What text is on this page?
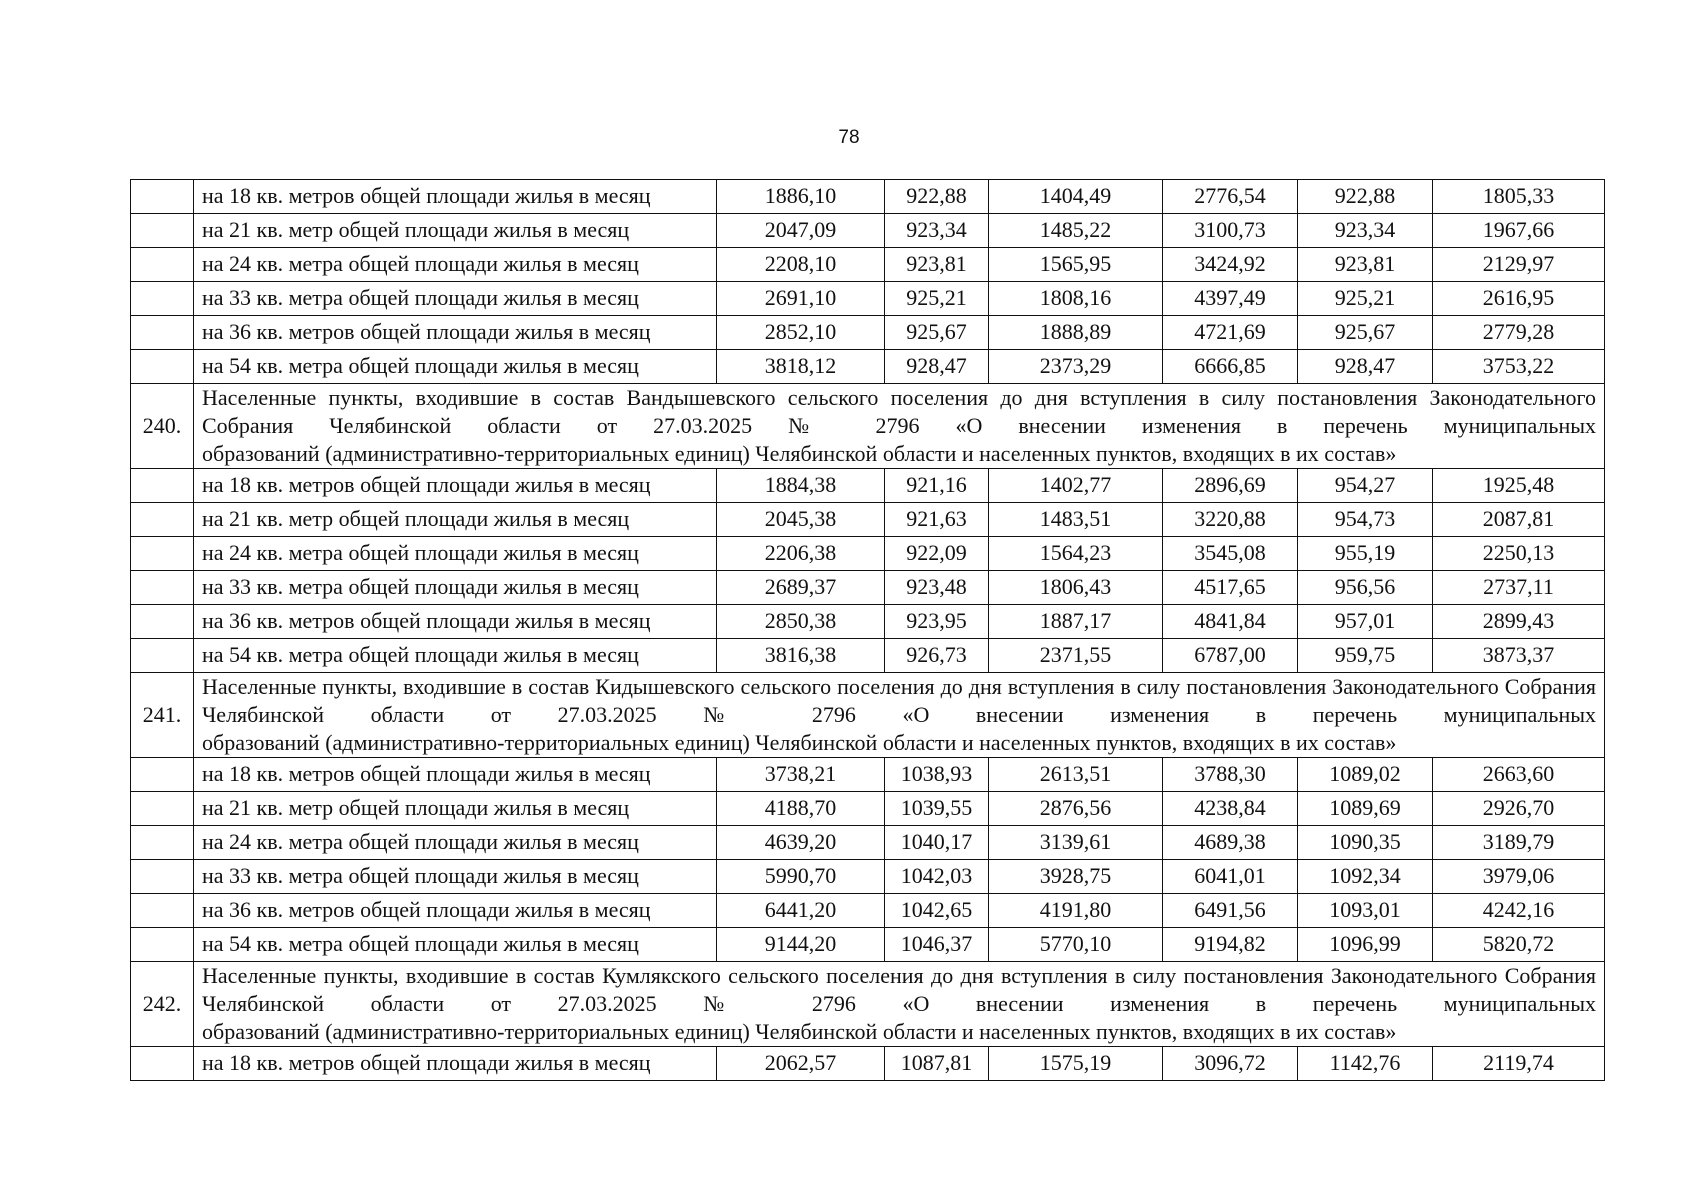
78
	на 18 кв. метров общей площади жилья в месяц	1886,10	922,88	1404,49	2776,54	922,88	1805,33
	на 21 кв. метр общей площади жилья в месяц	2047,09	923,34	1485,22	3100,73	923,34	1967,66
	на 24 кв. метра общей площади жилья в месяц	2208,10	923,81	1565,95	3424,92	923,81	2129,97
	на 33 кв. метра общей площади жилья в месяц	2691,10	925,21	1808,16	4397,49	925,21	2616,95
	на 36 кв. метров общей площади жилья в месяц	2852,10	925,67	1888,89	4721,69	925,67	2779,28
	на 54 кв. метра общей площади жилья в месяц	3818,12	928,47	2373,29	6666,85	928,47	3753,22
240.	Населенные пункты, входившие в состав Вандышевского сельского поселения до дня вступления в силу постановления Законодательного Собрания Челябинской области от 27.03.2025 № 2796 «О внесении изменения в перечень муниципальных
образований (административно-территориальных единиц) Челябинской области и населенных пунктов, входящих в их состав»						

	на 18 кв. метров общей площади жилья в месяц	1884,38	921,16	1402,77	2896,69	954,27	1925,48
	на 21 кв. метр общей площади жилья в месяц	2045,38	921,63	1483,51	3220,88	954,73	2087,81
	на 24 кв. метра общей площади жилья в месяц	2206,38	922,09	1564,23	3545,08	955,19	2250,13
	на 33 кв. метра общей площади жилья в месяц	2689,37	923,48	1806,43	4517,65	956,56	2737,11
	на 36 кв. метров общей площади жилья в месяц	2850,38	923,95	1887,17	4841,84	957,01	2899,43
	на 54 кв. метра общей площади жилья в месяц	3816,38	926,73	2371,55	6787,00	959,75	3873,37
241.	Населенные пункты, входившие в состав Кидышевского сельского поселения до дня вступления в силу постановления Законодательного Собрания Челябинской области от 27.03.2025 № 2796 «О внесении изменения в перечень муниципальных
образований (административно-территориальных единиц) Челябинской области и населенных пунктов, входящих в их состав»						

	на 18 кв. метров общей площади жилья в месяц	3738,21	1038,93	2613,51	3788,30	1089,02	2663,60
	на 21 кв. метр общей площади жилья в месяц	4188,70	1039,55	2876,56	4238,84	1089,69	2926,70
	на 24 кв. метра общей площади жилья в месяц	4639,20	1040,17	3139,61	4689,38	1090,35	3189,79
	на 33 кв. метра общей площади жилья в месяц	5990,70	1042,03	3928,75	6041,01	1092,34	3979,06
	на 36 кв. метров общей площади жилья в месяц	6441,20	1042,65	4191,80	6491,56	1093,01	4242,16
	на 54 кв. метра общей площади жилья в месяц	9144,20	1046,37	5770,10	9194,82	1096,99	5820,72
242.	Населенные пункты, входившие в состав Кумлякского сельского поселения до дня вступления в силу постановления Законодательного Собрания Челябинской области от 27.03.2025 № 2796 «О внесении изменения в перечень муниципальных
образований (административно-территориальных единиц) Челябинской области и населенных пунктов, входящих в их состав»						

	на 18 кв. метров общей площади жилья в месяц	2062,57	1087,81	1575,19	3096,72	1142,76	2119,74
